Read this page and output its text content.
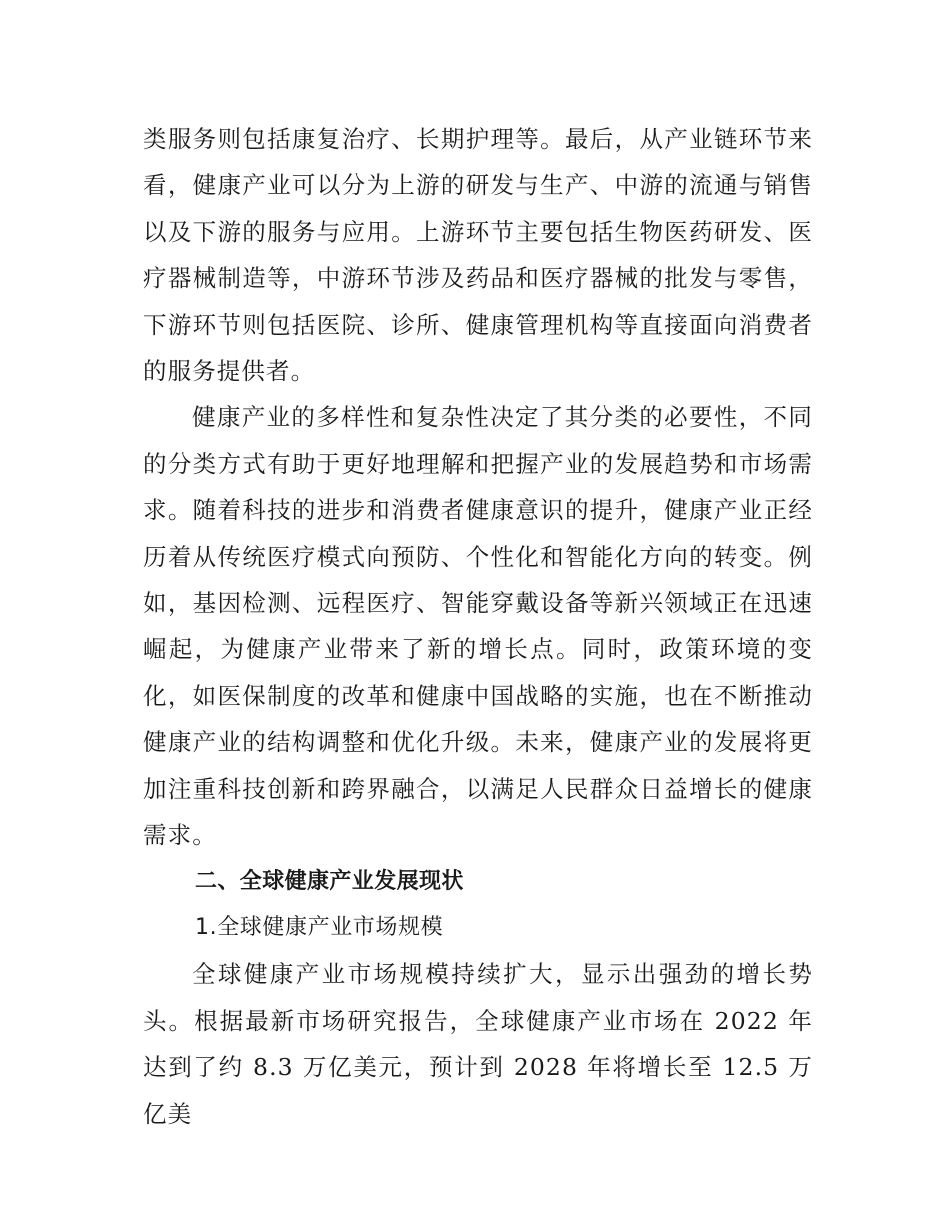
类服务则包括康复治疗、长期护理等。最后，从产业链环节来看，健康产业可以分为上游的研发与生产、中游的流通与销售以及下游的服务与应用。上游环节主要包括生物医药研发、医疗器械制造等，中游环节涉及药品和医疗器械的批发与零售，下游环节则包括医院、诊所、健康管理机构等直接面向消费者的服务提供者。

健康产业的多样性和复杂性决定了其分类的必要性，不同的分类方式有助于更好地理解和把握产业的发展趋势和市场需求。随着科技的进步和消费者健康意识的提升，健康产业正经历着从传统医疗模式向预防、个性化和智能化方向的转变。例如，基因检测、远程医疗、智能穿戴设备等新兴领域正在迅速崛起，为健康产业带来了新的增长点。同时，政策环境的变化，如医保制度的改革和健康中国战略的实施，也在不断推动健康产业的结构调整和优化升级。未来，健康产业的发展将更加注重科技创新和跨界融合，以满足人民群众日益增长的健康需求。

二、全球健康产业发展现状

1.全球健康产业市场规模

全球健康产业市场规模持续扩大，显示出强劲的增长势头。根据最新市场研究报告，全球健康产业市场在 2022 年达到了约 8.3 万亿美元，预计到 2028 年将增长至 12.5 万亿美
